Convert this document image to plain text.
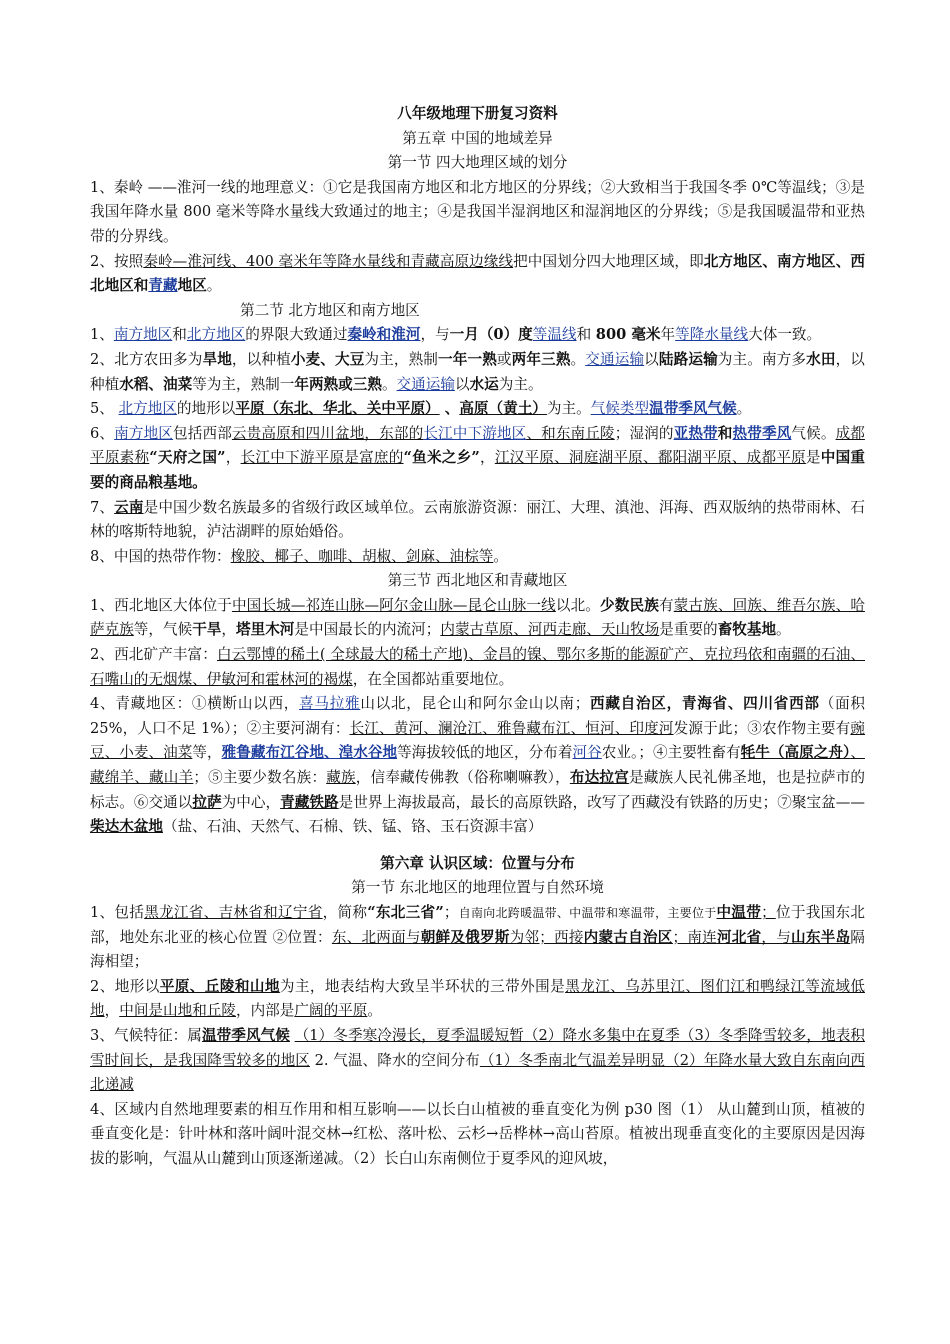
八年级地理下册复习资料
第五章 中国的地域差异
第一节 四大地理区域的划分
1、秦岭 ——淮河一线的地理意义：①它是我国南方地区和北方地区的分界线；②大致相当于我国冬季 0℃等温线；③是我国年降水量 800 毫米等降水量线大致通过的地主；④是我国半湿润地区和湿润地区的分界线；⑤是我国暖温带和亚热带的分界线。
2、按照秦岭—淮河线、400 毫米年等降水量线和青藏高原边缘线把中国划分四大地理区域，即北方地区、南方地区、西北地区和青藏地区。
第二节 北方地区和南方地区
1、南方地区和北方地区的界限大致通过秦岭和淮河，与一月（0）度等温线和 800 毫米年等降水量线大体一致。
2、北方农田多为旱地，以种植小麦、大豆为主，熟制一年一熟或两年三熟。交通运输以陆路运输为主。南方多水田，以种植水稻、油菜等为主，熟制一年两熟或三熟。交通运输以水运为主。
5、 北方地区的地形以平原（东北、华北、关中平原） 、高原（黄土）为主。气候类型温带季风气候。
6、南方地区包括西部云贵高原和四川盆地，东部的长江中下游地区、和东南丘陵；湿润的亚热带和热带季风气候。成都平原素称“天府之国”，长江中下游平原是富庶的“鱼米之乡”，江汉平原、洞庭湖平原、鄱阳湖平原、成都平原是中国重要的商品粮基地。
7、云南是中国少数名族最多的省级行政区域单位。云南旅游资源：丽江、大理、滇池、洱海、西双版纳的热带雨林、石林的喀斯特地貌，泸沽湖畔的原始婚俗。
8、中国的热带作物：橡胶、椰子、咖啡、胡椒、剑麻、油棕等。
第三节 西北地区和青藏地区
1、西北地区大体位于中国长城—祁连山脉—阿尔金山脉—昆仑山脉一线以北。少数民族有蒙古族、回族、维吾尔族、哈萨克族等，气候干旱，塔里木河是中国最长的内流河；内蒙古草原、河西走廊、天山牧场是重要的畜牧基地。
2、西北矿产丰富：白云鄂博的稀土( 全球最大的稀土产地)、金昌的镍、鄂尔多斯的能源矿产、克拉玛依和南疆的石油、石嘴山的无烟煤、伊敏河和霍林河的褐煤，在全国都站重要地位。
4、青藏地区：①横断山以西，喜马拉雅山以北，昆仑山和阿尔金山以南；西藏自治区，青海省、四川省西部（面积 25%，人口不足 1%）；②主要河湖有：长江、黄河、澜沧江、雅鲁藏布江、恒河、印度河发源于此；③农作物主要有豌豆、小麦、油菜等，雅鲁藏布江谷地、湟水谷地等海拔较低的地区，分布着河谷农业。；④主要牲畜有牦牛（高原之舟）、藏绵羊、藏山羊；⑤主要少数名族：藏族，信奉藏传佛教（俗称喇嘛教），布达拉宫是藏族人民礼佛圣地，也是拉萨市的标志。⑥交通以拉萨为中心，青藏铁路是世界上海拔最高，最长的高原铁路，改写了西藏没有铁路的历史；⑦聚宝盆——柴达木盆地（盐、石油、天然气、石棉、铁、锰、铬、玉石资源丰富）
第六章 认识区域：位置与分布
第一节 东北地区的地理位置与自然环境
1、包括黑龙江省、吉林省和辽宁省，简称“东北三省”；自南向北跨暖温带、中温带和寒温带，主要位于中温带；位于我国东北部，地处东北亚的核心位置 ②位置：东、北两面与朝鲜及俄罗斯为邻；西接内蒙古自治区；南连河北省，与山东半岛隔海相望；
2、地形以平原、丘陵和山地为主，地表结构大致呈半环状的三带外围是黑龙江、乌苏里江、图们江和鸭绿江等流域低地，中间是山地和丘陵，内部是广阔的平原。
3、气候特征：属温带季风气候 （1）冬季寒冷漫长，夏季温暖短暂（2）降水多集中在夏季（3）冬季降雪较多，地表积雪时间长，是我国降雪较多的地区 2. 气温、降水的空间分布（1）冬季南北气温差异明显（2）年降水量大致自东南向西北递减
4、区域内自然地理要素的相互作用和相互影响——以长白山植被的垂直变化为例 p30 图（1） 从山麓到山顶，植被的垂直变化是：针叶林和落叶阔叶混交林→红松、落叶松、云杉→岳桦林→高山苔原。植被出现垂直变化的主要原因是因海拔的影响，气温从山麓到山顶逐渐递减。（2）长白山东南侧位于夏季风的迎风坡，
